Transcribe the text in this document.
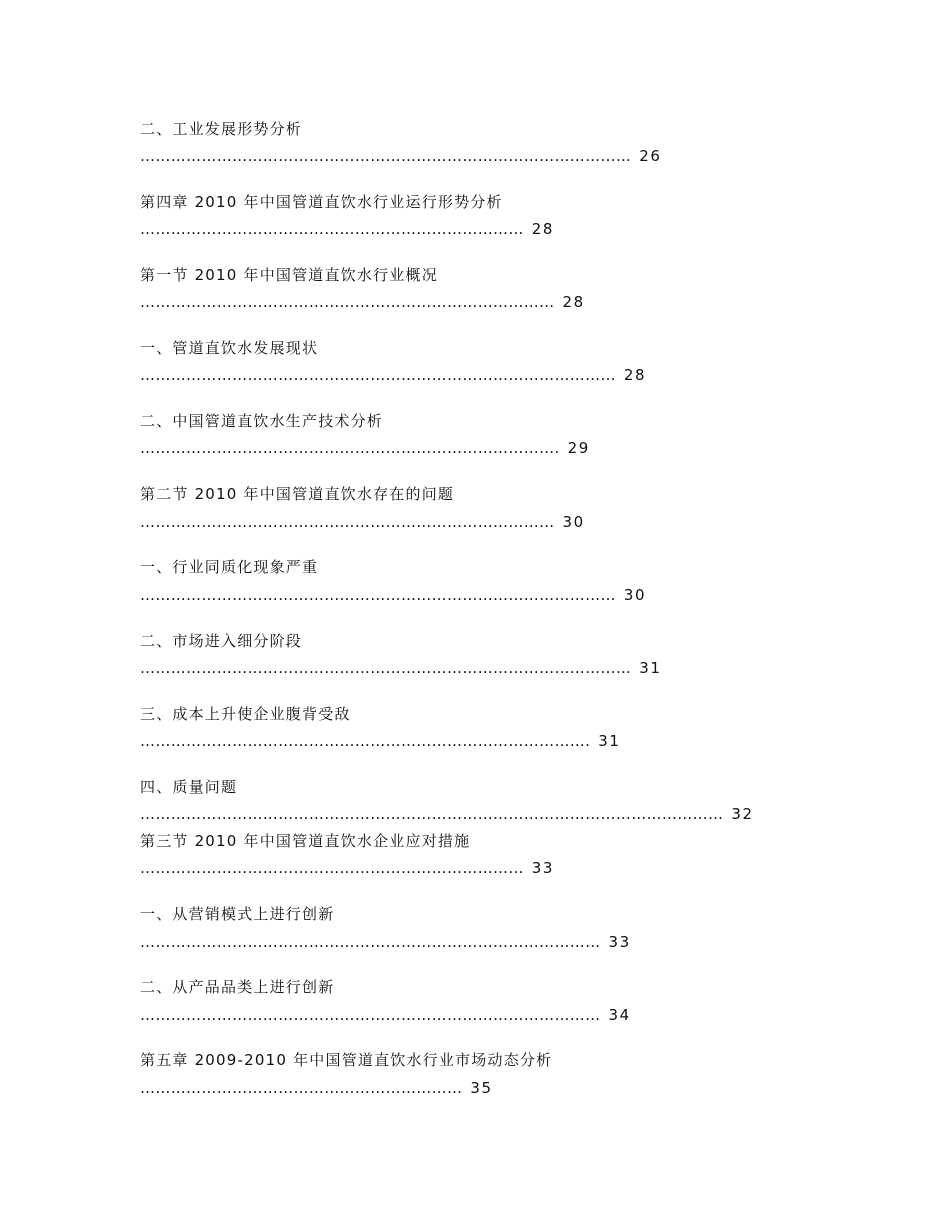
二、工业发展形势分析
…………………………………………………………………………………… 26
第四章 2010 年中国管道直饮水行业运行形势分析
………………………………………………………………… 28
第一节 2010 年中国管道直饮水行业概况
……………………………………………………………………… 28
一、管道直饮水发展现状
………………………………………………………………………………… 28
二、中国管道直饮水生产技术分析
………………………………………………………………………. 29
第二节 2010 年中国管道直饮水存在的问题
……………………………………………………………………… 30
一、行业同质化现象严重
………………………………………………………………………………… 30
二、市场进入细分阶段
…………………………………………………………………………………… 31
三、成本上升使企业腹背受敌
……………………………………………………………………………. 31
四、质量问题
…………………………………………………………………………………………………… 32
第三节 2010 年中国管道直饮水企业应对措施
………………………………………………………………… 33
一、从营销模式上进行创新
……………………………………………………………………………… 33
二、从产品品类上进行创新
……………………………………………………………………………… 34
第五章 2009-2010 年中国管道直饮水行业市场动态分析
……………………………………………………… 35
